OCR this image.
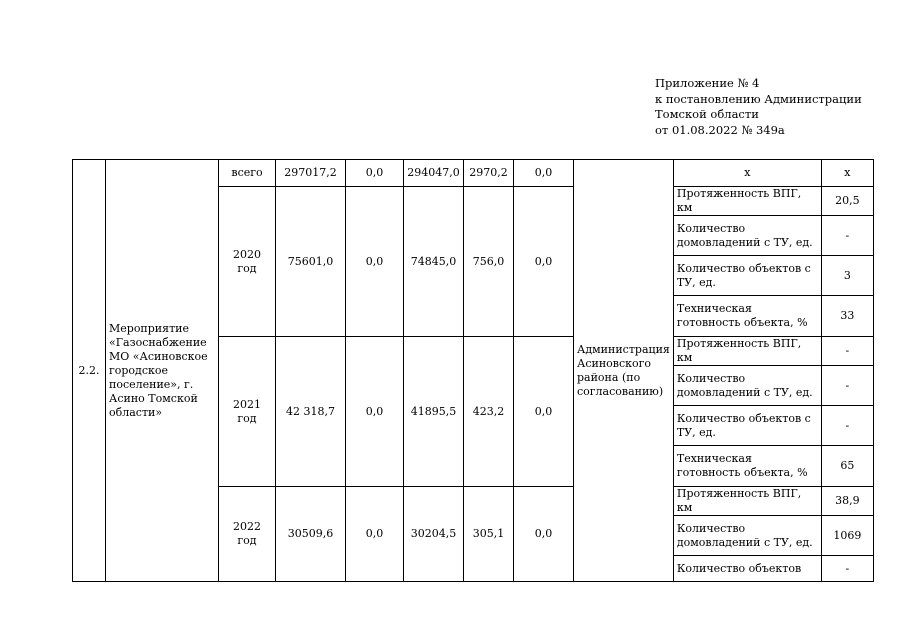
Приложение № 4
к постановлению Администрации
Томской области
от 01.08.2022 № 349а
2.2.	Мероприятие «Газоснабжение МО «Асиновское городское поселение», г. Асино Томской области»	всего	297017,2	0,0	294047,0	2970,2	0,0	Администрация Асиновского района (по согласованию)	х	х
		2020 год	75601,0	0,0	74845,0	756,0	0,0		Протяженность ВПГ, км	20,5
									Количество домовладений с ТУ, ед.	-
									Количество объектов с ТУ, ед.	3
									Техническая готовность объекта, %	33
		2021 год	42 318,7	0,0	41895,5	423,2	0,0		Протяженность ВПГ, км	-
									Количество домовладений с ТУ, ед.	-
									Количество объектов с ТУ, ед.	-
									Техническая готовность объекта, %	65
		2022 год	30509,6	0,0	30204,5	305,1	0,0		Протяженность ВПГ, км	38,9
									Количество домовладений с ТУ, ед.	1069
									Количество объектов	-
